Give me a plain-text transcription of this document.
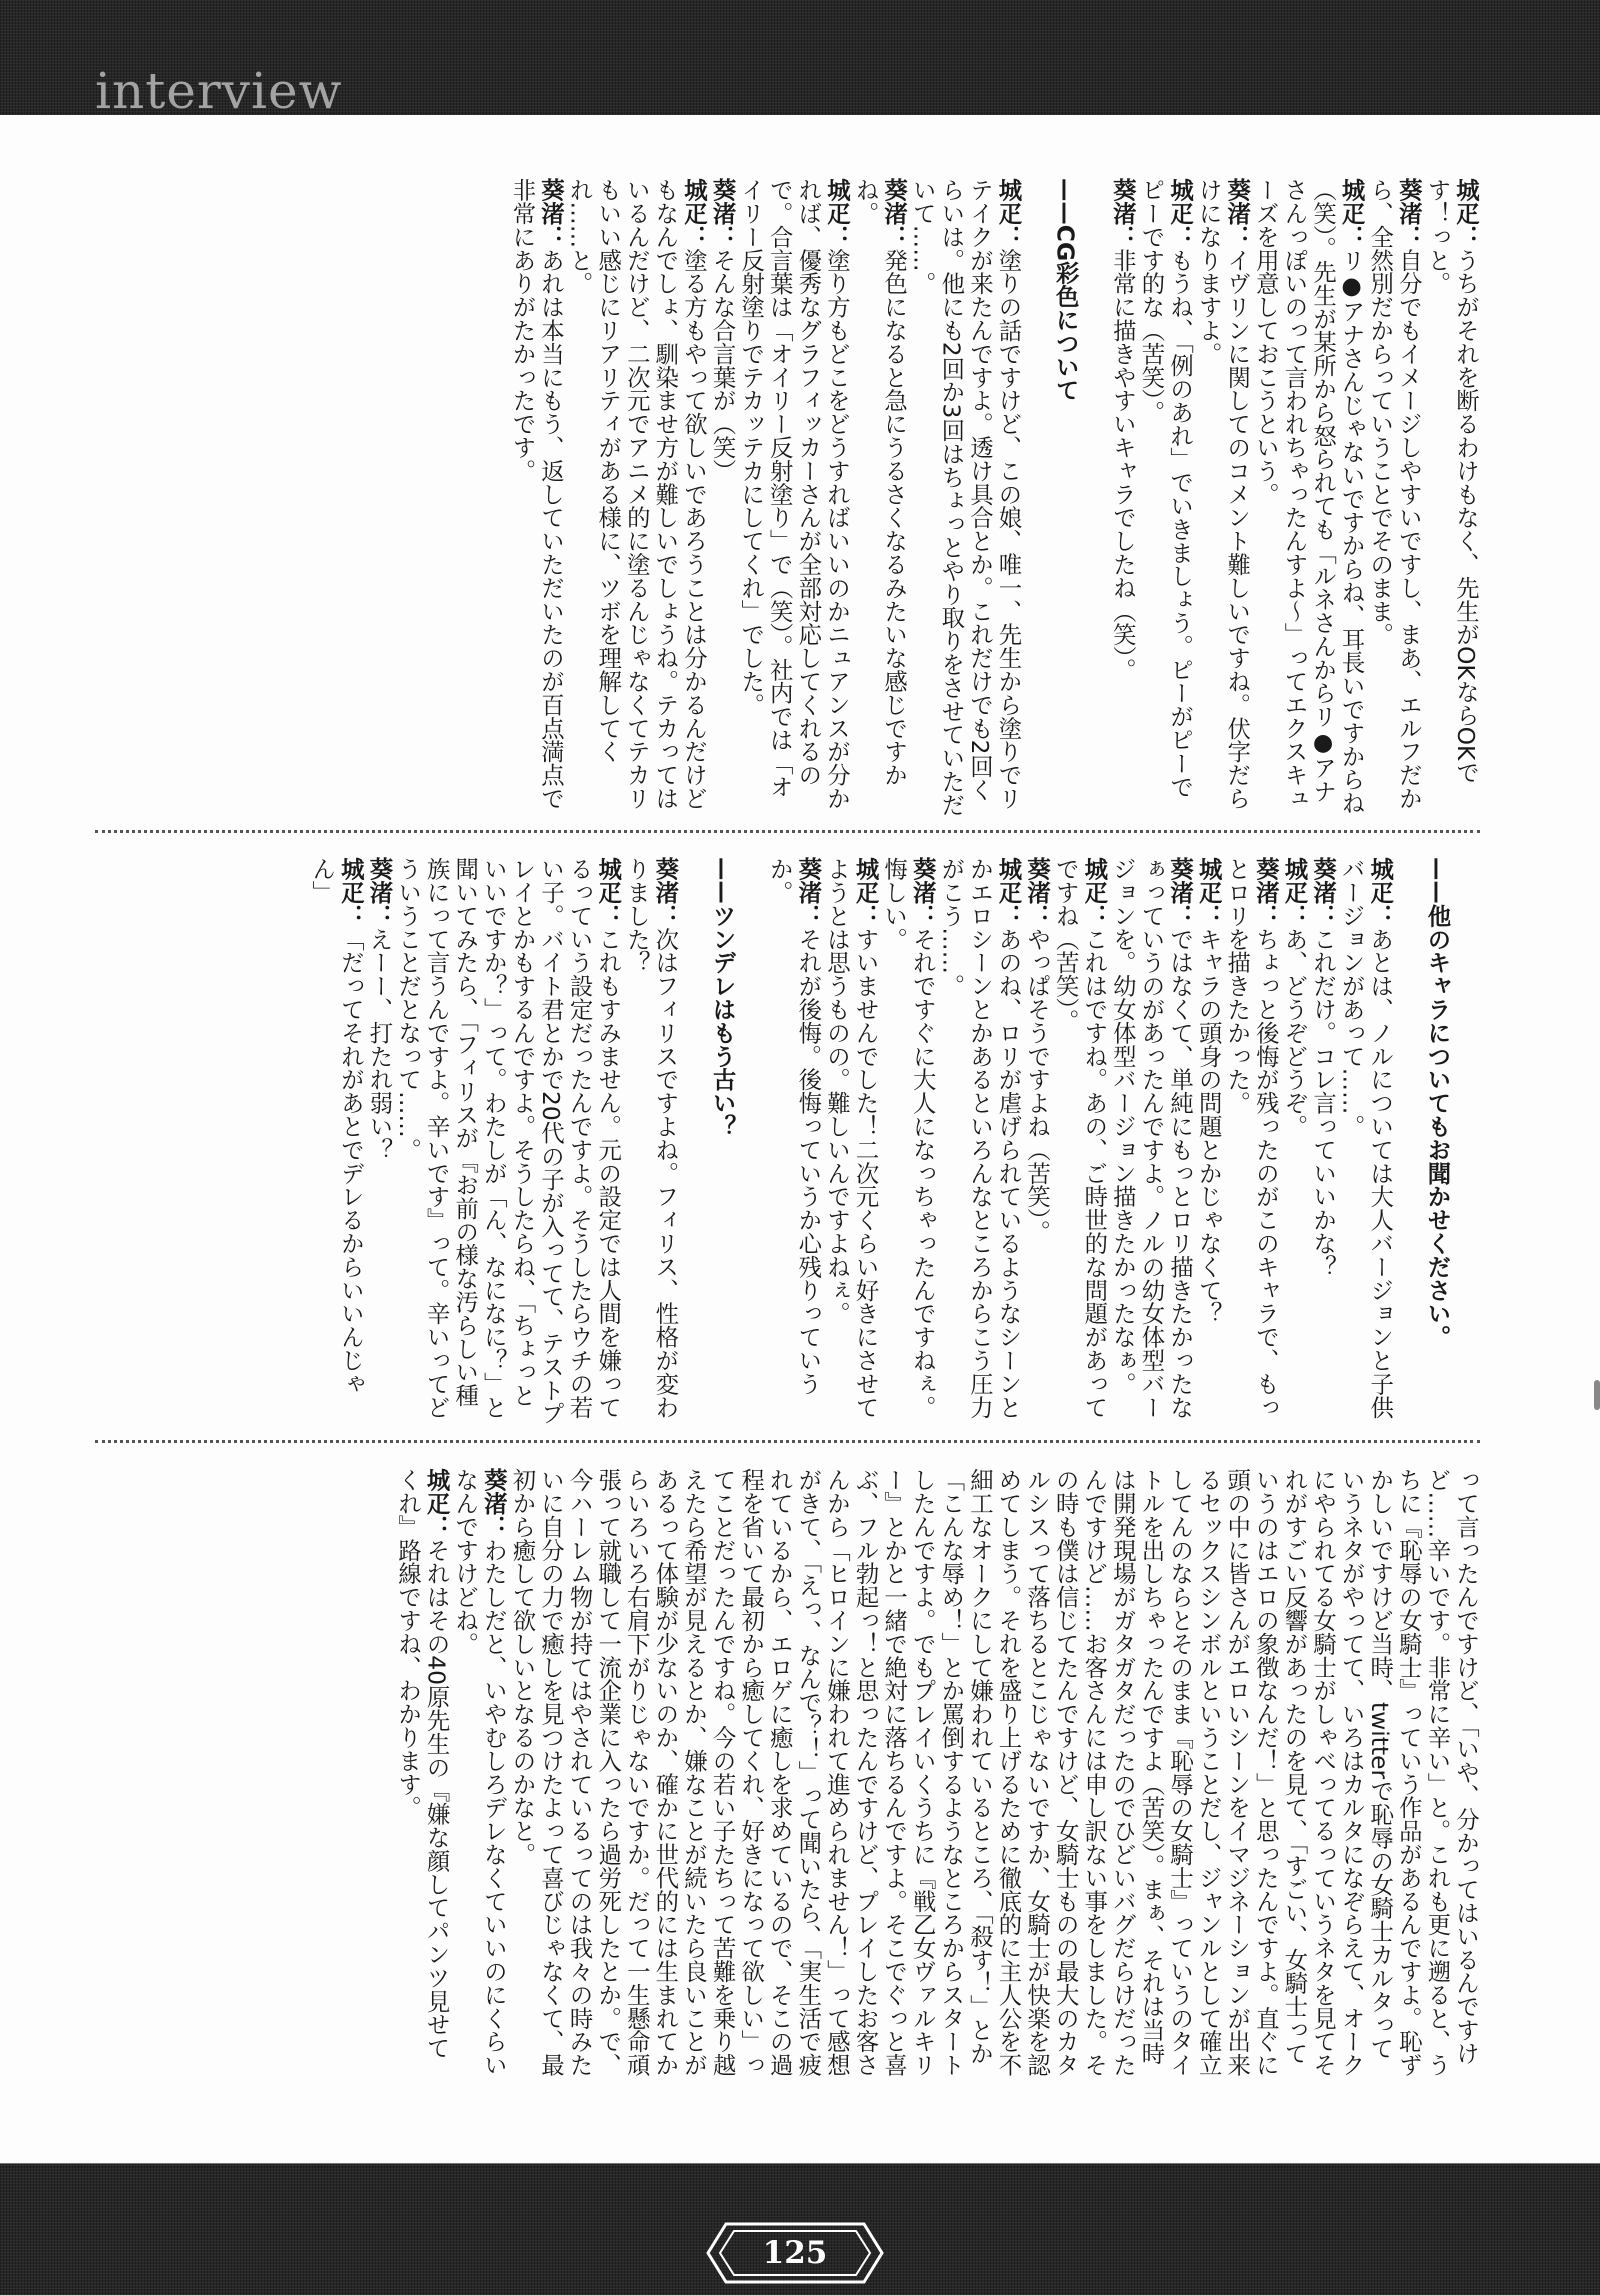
interview

城疋：うちがそれを断るわけもなく、先生がOKならOKです！っと。

葵渚：自分でもイメージしやすいですし、まあ、エルフだから、全然別だからっていうことでそのまま。

城疋：リ●アナさんじゃないですからね、耳長いですからね（笑）。先生が某所から怒られても「ルネさんからリ●アナさんっぽいのって言われちゃったんすよ〜」ってエクスキューズを用意しておこうという。

葵渚：イヴリンに関してのコメント難しいですね。伏字だらけになりますよ。

城疋：もうね、「例のあれ」でいきましょう。ピーがピーでピーです的な（苦笑）。

葵渚：非常に描きやすいキャラでしたね（笑）。

——CG彩色について

城疋：塗りの話ですけど、この娘、唯一、先生から塗りでリテイクが来たんですよ。透け具合とか。これだけでも2回くらいは。他にも2回か3回はちょっとやり取りをさせていただいて……。

葵渚：発色になると急にうるさくなるみたいな感じですかね。

城疋：塗り方もどこをどうすればいいのかニュアンスが分かれば、優秀なグラフィッカーさんが全部対応してくれるので。合言葉は「オイリー反射塗り」で（笑）。社内では「オイリー反射塗りでテカッテカにしてくれ」でした。

葵渚：そんな合言葉が（笑）

城疋：塗る方もやって欲しいであろうことは分かるんだけどもなんでしょ、馴染ませ方が難しいでしょうね。テカってはいるんだけど、二次元でアニメ的に塗るんじゃなくてテカリもいい感じにリアリティがある様に、ツボを理解してくれ……と。

葵渚：あれは本当にもう、返していただいたのが百点満点で非常にありがたかったです。

——他のキャラについてもお聞かせください。

城疋：あとは、ノルについては大人バージョンと子供バージョンがあって……。

葵渚：これだけ。コレ言っていいかな？

城疋：あ、どうぞどうぞ。

葵渚：ちょっと後悔が残ったのがこのキャラで、もっとロリを描きたかった。

城疋：キャラの頭身の問題とかじゃなくて？

葵渚：ではなくて、単純にもっとロリ描きたかったなぁっていうのがあったんですよ。ノルの幼女体型バージョンを。幼女体型バージョン描きたかったなぁ。

城疋：これはですね。あの、ご時世的な問題があってですね（苦笑）。

葵渚：やっぱそうですよね（苦笑）。

城疋：あのね、ロリが虐げられているようなシーンとかエロシーンとかあるといろんなところからこう圧力がこう……。

葵渚：それですぐに大人になっちゃったんですねぇ。悔しい。

城疋：すいませんでした！二次元くらい好きにさせてようとは思うものの。難しいんですよねぇ。

葵渚：それが後悔。後悔っていうか心残りっていうか。

——ツンデレはもう古い？

葵渚：次はフィリスですよね。フィリス、性格が変わりました？

城疋：これもすみません。元の設定では人間を嫌ってるっていう設定だったんですよ。そうしたらウチの若い子。バイト君とかで20代の子が入ってて、テストプレイとかもするんですよ。そうしたらね、「ちょっといいですか？」って。わたしが「ん、なになに？」と聞いてみたら、「フィリスが『お前の様な汚らしい種族にって言うんですよ。辛いです』って。辛いってどういうことだとなって……。

葵渚：えーー、打たれ弱い？

城疋：「だってそれがあとでデレるからいいんじゃん」

って言ったんですけど、「いや、分かってはいるんですけど……辛いです。非常に辛い」と。これも更に遡ると、うちに『恥辱の女騎士』っていう作品があるんですよ。恥ずかしいですけど当時、twitterで恥辱の女騎士カルタっていうネタがやってて、いろはカルタになぞらえて、オークにやられてる女騎士がしゃべってるっていうネタを見てそれがすごい反響があったのを見て、「すごい、女騎士っていうのはエロの象徴なんだ！」と思ったんですよ。直ぐに頭の中に皆さんがエロいシーンをイマジネーションが出来るセックスシンボルということだし、ジャンルとして確立してんのならとそのまま『恥辱の女騎士』っていうのタイトルを出しちゃったんですよ（苦笑）。まぁ、それは当時は開発現場がガタガタだったのでひどいバグだらけだったんですけど……お客さんには申し訳ない事をしました。その時も僕は信じてたんですけど、女騎士ものの最大のカタルシスって落ちるとこじゃないですか、女騎士が快楽を認めてしまう。それを盛り上げるために徹底的に主人公を不細工なオークにして嫌われているところ、「殺す！」とか「こんな辱め！」とか罵倒するようなところからスタートしたんですよ。でもプレイいくうちに『戦乙女ヴァルキリー』とかと一緒で絶対に落ちるんですよ。そこでぐっと喜ぶ、フル勃起っ！と思ったんですけど、プレイしたお客さんから「ヒロインに嫌われて進められません！」って感想がきて、「えっ、なんで？！」って聞いたら、「実生活で疲れているから、エロゲに癒しを求めているので、そこの過程を省いて最初から癒してくれ、好きになって欲しい」ってことだったんですね。今の若い子たちって苦難を乗り越えたら希望が見えるとか、嫌なことが続いたら良いことがあるって体験が少ないのか、確かに世代的には生まれてからいろいろ右肩下がりじゃないですか。だって一生懸命頑張って就職して一流企業に入ったら過労死したとか。で、今ハーレム物が持てはやされているってのは我々の時みたいに自分の力で癒しを見つけたよって喜びじゃなくて、最初から癒して欲しいとなるのかなと。

葵渚：わたしだと、いやむしろデレなくていいのにくらいなんですけどね。

城疋：それはその40原先生の『嫌な顔してパンツ見せてくれ』路線ですね、わかります。

125
